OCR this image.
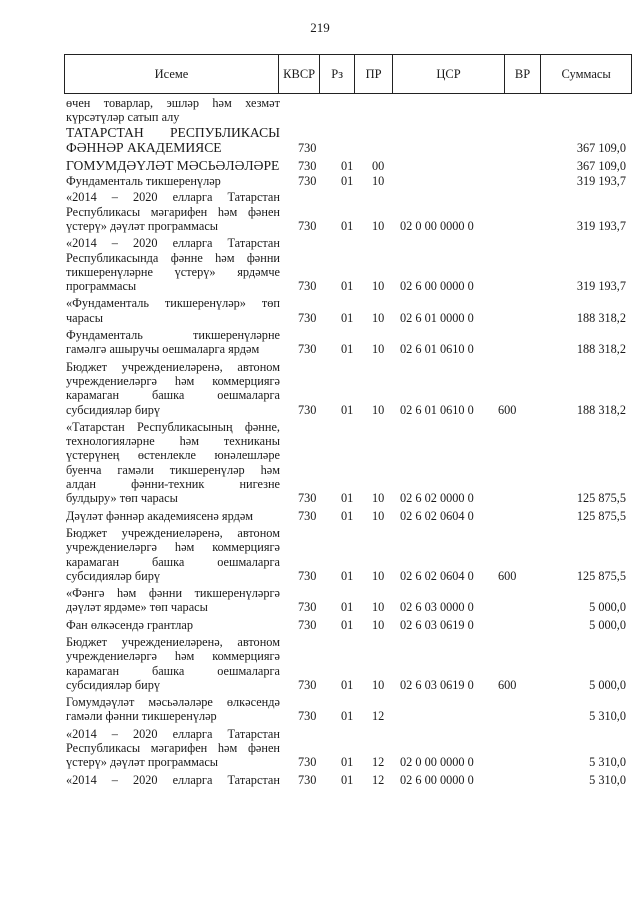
219
Исеме	КВСР	Рз	ПР	ЦСР	ВР	Суммасы
өчен товарлар, эшләр һәм хезмәт
күрсәтүләр сатып алу
ТАТАРСТАН РЕСПУБЛИКАСЫ
ФӘННӘР АКАДЕМИЯСЕ	730	367 109,0
ГОМУМДӘҮЛӘТ МӘСЬӘЛӘЛӘРЕ 730 01 00	367 109,0
Фундаменталь тикшеренүләр	730 01 10	319 193,7
«2014 – 2020 елларга Татарстан
Республикасы мәгарифен һәм фәнен
үстерү» дәүләт программасы	730 01 10 02 0 00 0000 0	319 193,7
«2014 – 2020 елларга Татарстан
Республикасында фәнне һәм фәнни
тикшеренүләрне үстерү» ярдәмче
программасы	730 01 10 02 6 00 0000 0	319 193,7
«Фундаменталь тикшеренүләр» төп
чарасы	730 01 10 02 6 01 0000 0	188 318,2
Фундаменталь	тикшеренүләрне
гамәлгә ашыручы оешмаларга ярдәм	730 01 10 02 6 01 0610 0	188 318,2
Бюджет учреждениеләренә, автоном
учреждениеләргә һәм коммерциягә
карамаган	башка	оешмаларга
субсидияләр бирү	730 01 10 02 6 01 0610 0 600	188 318,2
«Татарстан Республикасының фәнне,
технологияләрне һәм техниканы
үстерүнең өстенлекле юнәлешләре
буенча гамәли тикшеренүләр һәм
алдан	фәнни-техник	нигезне
булдыру» төп чарасы	730 01 10 02 6 02 0000 0	125 875,5
Дәүләт фәннәр академиясенә ярдәм	730 01 10 02 6 02 0604 0	125 875,5
Бюджет учреждениеләренә, автоном
учреждениеләргә һәм коммерциягә
карамаган	башка	оешмаларга
субсидияләр бирү	730 01 10 02 6 02 0604 0 600	125 875,5
«Фәнгә һәм фәнни тикшеренүләргә
дәүләт ярдәме» төп чарасы	730 01 10 02 6 03 0000 0	5 000,0
Фан өлкәсендә грантлар	730 01 10 02 6 03 0619 0	5 000,0
Бюджет учреждениеләренә, автоном
учреждениеләргә һәм коммерциягә
карамаган	башка	оешмаларга
субсидияләр бирү	730 01 10 02 6 03 0619 0 600	5 000,0
Гомумдәүләт мәсьәләләре өлкәсендә
гамәли фәнни тикшеренүләр	730 01 12	5 310,0
«2014 – 2020 елларга Татарстан
Республикасы мәгарифен һәм фәнен
үстерү» дәүләт программасы	730 01 12 02 0 00 0000 0	5 310,0
«2014 – 2020 елларга Татарстан 730 01 12 02 6 00 0000 0	5 310,0
